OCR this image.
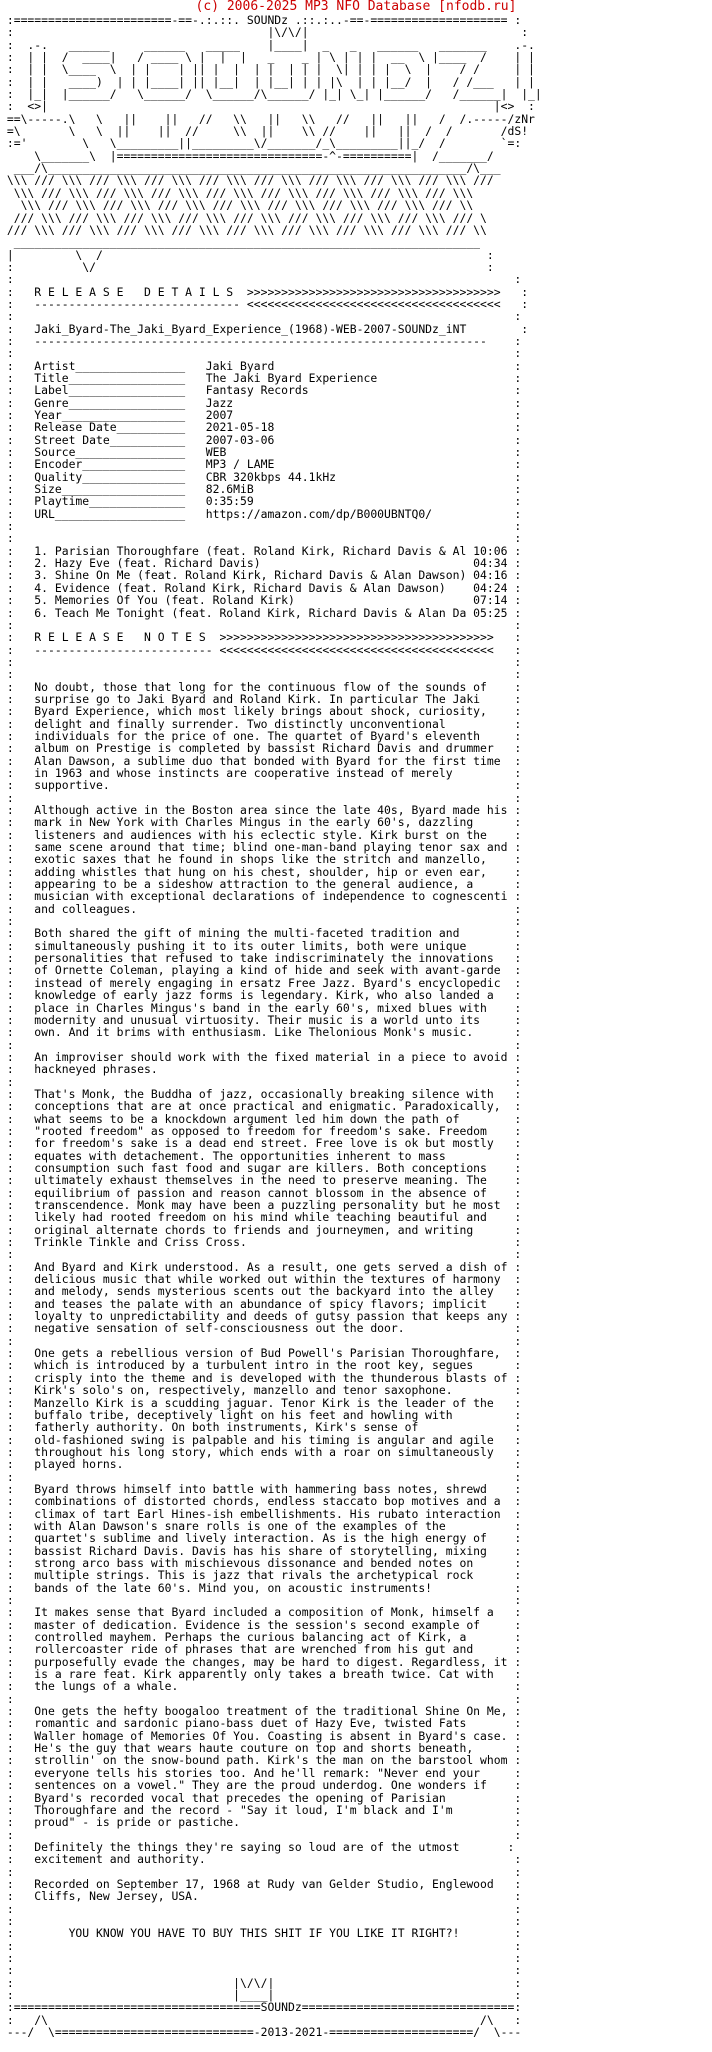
(c) 2006-2025 MP3 NFO Database [nfodb.ru]
:=======================-==-.:.::. SOUNDz .::.:..-==-==================== :
:                                     |\/\/|                               :
:  .-.   ______     ______   _____    |____|  _   _   ______   _______    .-.
:  | |  /  ____|   / ____ \ |  |  |   _    _ | \ | | |  __  \ |____  /    | |
:  | |  \____  \  | |    | || |  |  | |  | | |  \| | | |  \  |    / /     | |
:  | |   ____)  | | |____| || |__|  | |__| | | |\  | | |__/  |   / /___   | |
:  |_|  |______/   \______/  \______/\______/ |_| \_| |______/   /______|  |_|
:  <>|                                                                 |<>  :
==\-----.\   \   ||    ||   //   \\   ||   \\   //   ||   ||   /  /.-----/zNr
=\       \   \  ||    ||  //     \\  ||    \\ //    ||   ||  /  /       /dS!
:='        \   \_________||_________\/_______/_\_________||_/  /        `=:
\_______\  |==============================-^-==========|  /_______/
___/\_____________________________________________________________/\___
\\\ /// \\\ /// \\\ /// \\\ /// \\\ /// \\\ /// \\\ /// \\\ /// \\\ ///
\\\ /// \\\ /// \\\ /// \\\ /// \\\ /// \\\ /// \\\ /// \\\ /// \\\
\\\ /// \\\ /// \\\ /// \\\ /// \\\ /// \\\ /// \\\ /// \\\ /// \\
/// \\\ /// \\\ /// \\\ /// \\\ /// \\\ /// \\\ /// \\\ /// \\\ /// \
/// \\\ /// \\\ /// \\\ /// \\\ /// \\\ /// \\\ /// \\\ /// \\\ /// \\
____________________________________________________________________
|         \  /                                                        :
:          \/                                                         :
:                                                                         :
:   R E L E A S E   D E T A I L S  >>>>>>>>>>>>>>>>>>>>>>>>>>>>>>>>>>>>>   :
:   ------------------------------ <<<<<<<<<<<<<<<<<<<<<<<<<<<<<<<<<<<<<   :
:                                                                         :
:   Jaki_Byard-The_Jaki_Byard_Experience_(1968)-WEB-2007-SOUNDz_iNT        :
:   ------------------------------------------------------------------    :
:                                                                         :
:   Artist________________   Jaki Byard                                   :
:   Title_________________   The Jaki Byard Experience                    :
:   Label_________________   Fantasy Records                              :
:   Genre_________________   Jazz                                         :
:   Year__________________   2007                                         :
:   Release Date__________   2021-05-18                                   :
:   Street Date___________   2007-03-06                                   :
:   Source________________   WEB                                          :
:   Encoder_______________   MP3 / LAME                                   :
:   Quality_______________   CBR 320kbps 44.1kHz                          :
:   Size__________________   82.6MiB                                      :
:   Playtime______________   0:35:59                                      :
:   URL___________________   https://amazon.com/dp/B000UBNTQ0/            :
:                                                                         :
:                                                                         :
:   1. Parisian Thoroughfare (feat. Roland Kirk, Richard Davis & Al 10:06 :
:   2. Hazy Eve (feat. Richard Davis)                               04:34 :
:   3. Shine On Me (feat. Roland Kirk, Richard Davis & Alan Dawson) 04:16 :
:   4. Evidence (feat. Roland Kirk, Richard Davis & Alan Dawson)    04:24 :
:   5. Memories Of You (feat. Roland Kirk)                          07:14 :
:   6. Teach Me Tonight (feat. Roland Kirk, Richard Davis & Alan Da 05:25 :
:                                                                         :
:   R E L E A S E   N O T E S  >>>>>>>>>>>>>>>>>>>>>>>>>>>>>>>>>>>>>>>>   :
:   -------------------------- <<<<<<<<<<<<<<<<<<<<<<<<<<<<<<<<<<<<<<<<   :
:                                                                         :
:                                                                         :
:   No doubt, those that long for the continuous flow of the sounds of    :
:   surprise go to Jaki Byard and Roland Kirk. In particular The Jaki     :
:   Byard Experience, which most likely brings about shock, curiosity,    :
:   delight and finally surrender. Two distinctly unconventional          :
:   individuals for the price of one. The quartet of Byard's eleventh     :
:   album on Prestige is completed by bassist Richard Davis and drummer   :
:   Alan Dawson, a sublime duo that bonded with Byard for the first time  :
:   in 1963 and whose instincts are cooperative instead of merely         :
:   supportive.                                                           :
:                                                                         :
:   Although active in the Boston area since the late 40s, Byard made his :
:   mark in New York with Charles Mingus in the early 60's, dazzling      :
:   listeners and audiences with his eclectic style. Kirk burst on the    :
:   same scene around that time; blind one-man-band playing tenor sax and :
:   exotic saxes that he found in shops like the stritch and manzello,    :
:   adding whistles that hung on his chest, shoulder, hip or even ear,    :
:   appearing to be a sideshow attraction to the general audience, a      :
:   musician with exceptional declarations of independence to cognescenti :
:   and colleagues.                                                       :
:                                                                         :
:   Both shared the gift of mining the multi-faceted tradition and        :
:   simultaneously pushing it to its outer limits, both were unique       :
:   personalities that refused to take indiscriminately the innovations   :
:   of Ornette Coleman, playing a kind of hide and seek with avant-garde  :
:   instead of merely engaging in ersatz Free Jazz. Byard's encyclopedic  :
:   knowledge of early jazz forms is legendary. Kirk, who also landed a   :
:   place in Charles Mingus's band in the early 60's, mixed blues with    :
:   modernity and unusual virtuosity. Their music is a world unto its     :
:   own. And it brims with enthusiasm. Like Thelonious Monk's music.      :
:                                                                         :
:   An improviser should work with the fixed material in a piece to avoid :
:   hackneyed phrases.                                                    :
:                                                                         :
:   That's Monk, the Buddha of jazz, occasionally breaking silence with   :
:   conceptions that are at once practical and enigmatic. Paradoxically,  :
:   what seems to be a knockdown argument led him down the path of        :
:   "rooted freedom" as opposed to freedom for freedom's sake. Freedom    :
:   for freedom's sake is a dead end street. Free love is ok but mostly   :
:   equates with detachement. The opportunities inherent to mass          :
:   consumption such fast food and sugar are killers. Both conceptions    :
:   ultimately exhaust themselves in the need to preserve meaning. The    :
:   equilibrium of passion and reason cannot blossom in the absence of    :
:   transcendence. Monk may have been a puzzling personality but he most  :
:   likely had rooted freedom on his mind while teaching beautiful and    :
:   original alternate chords to friends and journeymen, and writing      :
:   Trinkle Tinkle and Criss Cross.                                       :
:                                                                         :
:   And Byard and Kirk understood. As a result, one gets served a dish of :
:   delicious music that while worked out within the textures of harmony  :
:   and melody, sends mysterious scents out the backyard into the alley   :
:   and teases the palate with an abundance of spicy flavors; implicit    :
:   loyalty to unpredictability and deeds of gutsy passion that keeps any :
:   negative sensation of self-consciousness out the door.                :
:                                                                         :
:   One gets a rebellious version of Bud Powell's Parisian Thoroughfare,  :
:   which is introduced by a turbulent intro in the root key, segues      :
:   crisply into the theme and is developed with the thunderous blasts of :
:   Kirk's solo's on, respectively, manzello and tenor saxophone.         :
:   Manzello Kirk is a scudding jaguar. Tenor Kirk is the leader of the   :
:   buffalo tribe, deceptively light on his feet and howling with         :
:   fatherly authority. On both instruments, Kirk's sense of              :
:   old-fashioned swing is palpable and his timing is angular and agile   :
:   throughout his long story, which ends with a roar on simultaneously   :
:   played horns.                                                         :
:                                                                         :
:   Byard throws himself into battle with hammering bass notes, shrewd    :
:   combinations of distorted chords, endless staccato bop motives and a  :
:   climax of tart Earl Hines-ish embellishments. His rubato interaction  :
:   with Alan Dawson's snare rolls is one of the examples of the          :
:   quartet's sublime and lively interaction. As is the high energy of    :
:   bassist Richard Davis. Davis has his share of storytelling, mixing    :
:   strong arco bass with mischievous dissonance and bended notes on      :
:   multiple strings. This is jazz that rivals the archetypical rock      :
:   bands of the late 60's. Mind you, on acoustic instruments!            :
:                                                                         :
:   It makes sense that Byard included a composition of Monk, himself a   :
:   master of dedication. Evidence is the session's second example of     :
:   controlled mayhem. Perhaps the curious balancing act of Kirk, a       :
:   rollercoaster ride of phrases that are wrenched from his gut and      :
:   purposefully evade the changes, may be hard to digest. Regardless, it :
:   is a rare feat. Kirk apparently only takes a breath twice. Cat with   :
:   the lungs of a whale.                                                 :
:                                                                         :
:   One gets the hefty boogaloo treatment of the traditional Shine On Me, :
:   romantic and sardonic piano-bass duet of Hazy Eve, twisted Fats       :
:   Waller homage of Memories Of You. Coasting is absent in Byard's case. :
:   He's the guy that wears haute couture on top and shorts beneath,      :
:   strollin' on the snow-bound path. Kirk's the man on the barstool whom :
:   everyone tells his stories too. And he'll remark: "Never end your     :
:   sentences on a vowel." They are the proud underdog. One wonders if    :
:   Byard's recorded vocal that precedes the opening of Parisian          :
:   Thoroughfare and the record - "Say it loud, I'm black and I'm         :
:   proud" - is pride or pastiche.                                        :
:                                                                         :
:   Definitely the things they're saying so loud are of the utmost       :
:   excitement and authority.                                             :
:                                                                         :
:   Recorded on September 17, 1968 at Rudy van Gelder Studio, Englewood   :
:   Cliffs, New Jersey, USA.                                              :
:                                                                         :
:                                                                         :
:        YOU KNOW YOU HAVE TO BUY THIS SHIT IF YOU LIKE IT RIGHT?!        :
:                                                                         :
:                                                                         :
:                                                                         :
:                                |\/\/|                                   :
:                                |____|                                   :
:====================================SOUNDz===============================:
:   /\                                                               /\   :
---/  \=============================-2013-2021-=====================/  \---
